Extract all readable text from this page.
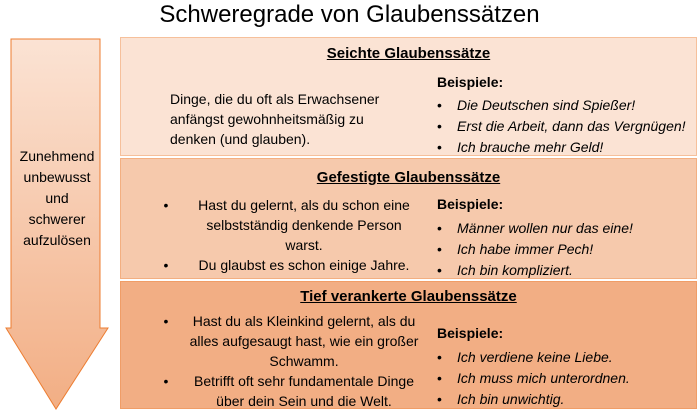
Schweregrade von Glaubenssätzen
Zunehmend
unbewusst
und
schwerer
aufzulösen
Seichte Glaubenssätze
Dinge, die du oft als Erwachsener anfängst gewohnheitsmäßig zu denken (und glauben).
Beispiele:
• Die Deutschen sind Spießer!
• Erst die Arbeit, dann das Vergnügen!
• Ich brauche mehr Geld!
Gefestigte Glaubenssätze
• Hast du gelernt, als du schon eine selbstständig denkende Person warst.
• Du glaubst es schon einige Jahre.
Beispiele:
• Männer wollen nur das eine!
• Ich habe immer Pech!
• Ich bin kompliziert.
Tief verankerte Glaubenssätze
• Hast du als Kleinkind gelernt, als du alles aufgesaugt hast, wie ein großer Schwamm.
• Betrifft oft sehr fundamentale Dinge über dein Sein und die Welt.
Beispiele:
• Ich verdiene keine Liebe.
• Ich muss mich unterordnen.
• Ich bin unwichtig.
